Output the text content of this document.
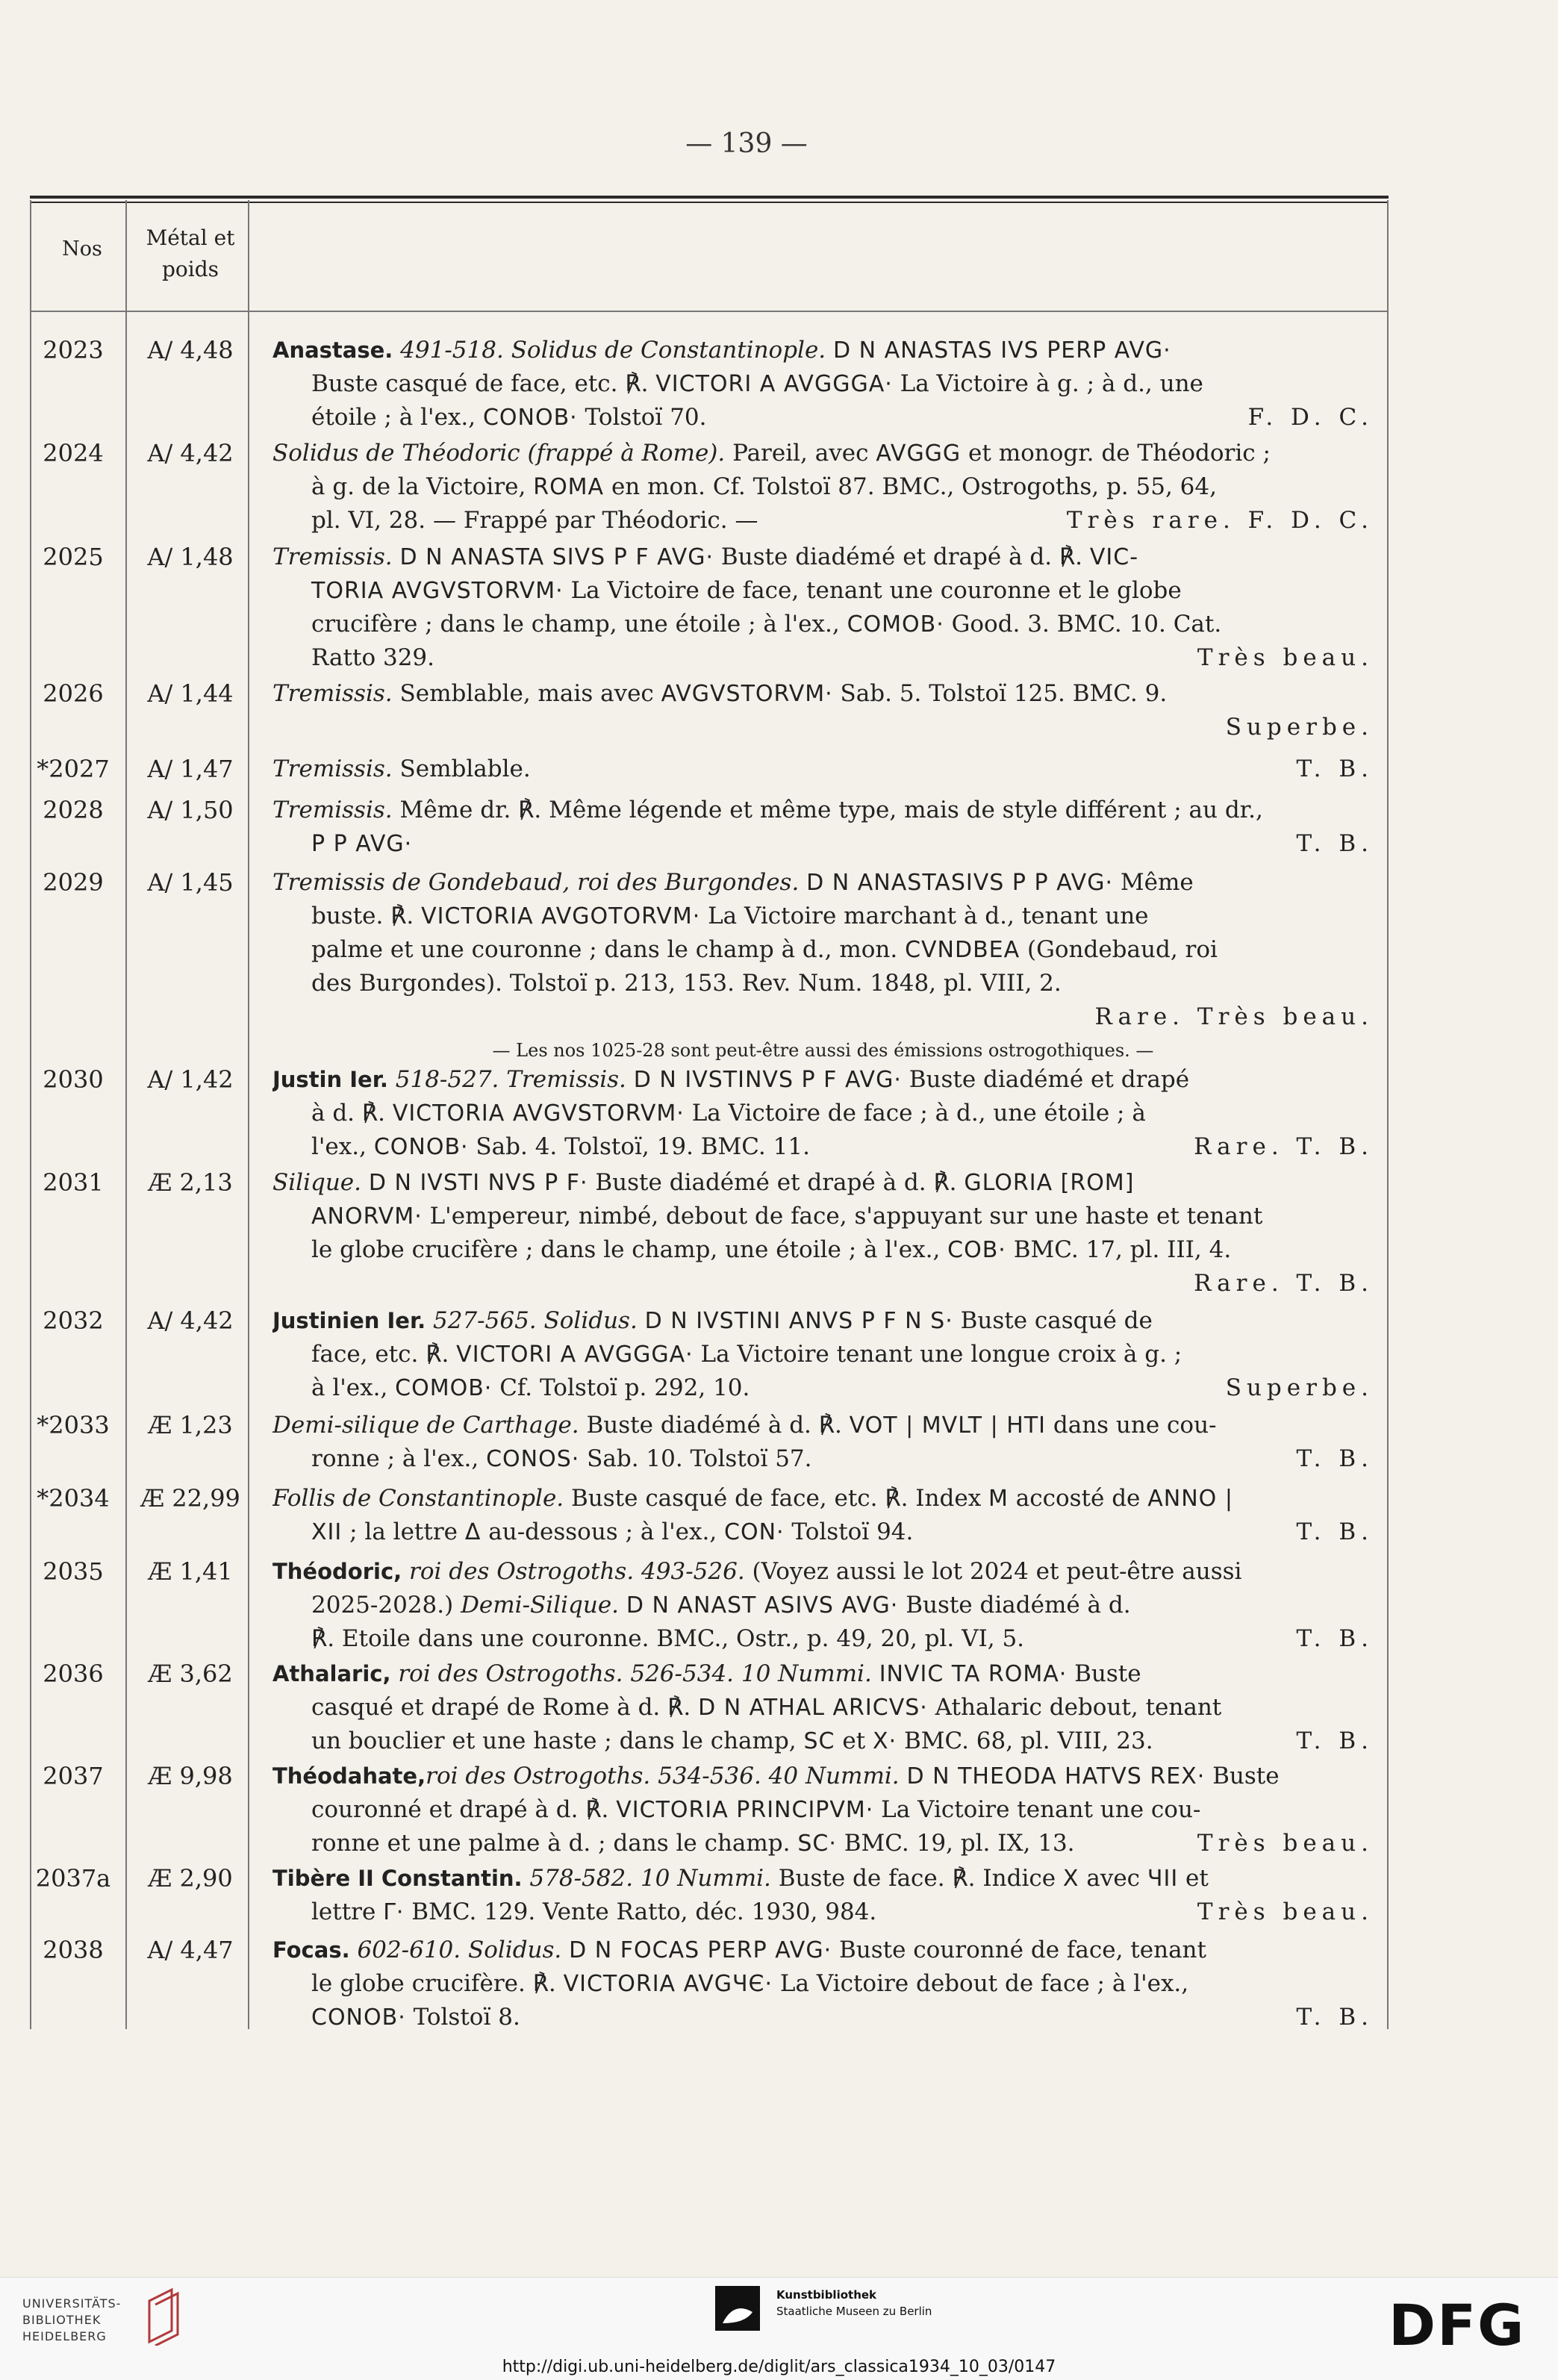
— 139 —
Nos	Métal et
poids
2023	A/ 4,48	Anastase. 491-518. Solidus de Constantinople. D N ANASTAS IVS PERP AVG·
Buste casqué de face, etc. ℟. VICTORI A AVGGGA· La Victoire à g. ; à d., une
étoile ; à l'ex., CONOB· Tolstoï 70.	F. D. C.
2024	A/ 4,42	Solidus de Théodoric (frappé à Rome). Pareil, avec AVGGG et monogr. de Théodoric ;
à g. de la Victoire, ROMA en mon. Cf. Tolstoï 87. BMC., Ostrogoths, p. 55, 64,
pl. VI, 28. — Frappé par Théodoric. —	Très rare. F. D. C.
2025	A/ 1,48	Tremissis. D N ANASTA SIVS P F AVG· Buste diadémé et drapé à d. ℟. VIC-
TORIA AVGVSTORVM· La Victoire de face, tenant une couronne et le globe
crucifère ; dans le champ, une étoile ; à l'ex., COMOB· Good. 3. BMC. 10. Cat.
Ratto 329.	Très beau.
2026	A/ 1,44	Tremissis. Semblable, mais avec AVGVSTORVM· Sab. 5. Tolstoï 125. BMC. 9.
Superbe.
*2027	A/ 1,47	Tremissis. Semblable.	T. B.
2028	A/ 1,50	Tremissis. Même dr. ℟. Même légende et même type, mais de style différent ; au dr.,
P P AVG·	T. B.
2029	A/ 1,45	Tremissis de Gondebaud, roi des Burgondes. D N ANASTASIVS P P AVG· Même
buste. ℟. VICTORIA AVGOTORVM· La Victoire marchant à d., tenant une
palme et une couronne ; dans le champ à d., mon. CVNDBEA (Gondebaud, roi
des Burgondes). Tolstoï p. 213, 153. Rev. Num. 1848, pl. VIII, 2.
Rare. Très beau.
— Les nos 1025-28 sont peut-être aussi des émissions ostrogothiques. —
2030	A/ 1,42	Justin Ier. 518-527. Tremissis. D N IVSTINVS P F AVG· Buste diadémé et drapé
à d. ℟. VICTORIA AVGVSTORVM· La Victoire de face ; à d., une étoile ; à
l'ex., CONOB· Sab. 4. Tolstoï, 19. BMC. 11.	Rare. T. B.
2031	Æ 2,13	Silique. D N IVSTI NVS P F· Buste diadémé et drapé à d. ℟. GLORIA [ROM]
ANORVM· L'empereur, nimbé, debout de face, s'appuyant sur une haste et tenant
le globe crucifère ; dans le champ, une étoile ; à l'ex., COB· BMC. 17, pl. III, 4.
Rare. T. B.
2032	A/ 4,42	Justinien Ier. 527-565. Solidus. D N IVSTINI ANVS P F N S· Buste casqué de
face, etc. ℟. VICTORI A AVGGGA· La Victoire tenant une longue croix à g. ;
à l'ex., COMOB· Cf. Tolstoï p. 292, 10.	Superbe.
*2033	Æ 1,23	Demi-silique de Carthage. Buste diadémé à d. ℟. VOT | MVLT | HTI dans une cou-
ronne ; à l'ex., CONOS· Sab. 10. Tolstoï 57.	T. B.
*2034	Æ 22,99	Follis de Constantinople. Buste casqué de face, etc. ℟. Index M accosté de ANNO |
XII ; la lettre Δ au-dessous ; à l'ex., CON· Tolstoï 94.	T. B.
2035	Æ 1,41	Théodoric, roi des Ostrogoths. 493-526. (Voyez aussi le lot 2024 et peut-être aussi
2025-2028.) Demi-Silique. D N ANAST ASIVS AVG· Buste diadémé à d.
℟. Etoile dans une couronne. BMC., Ostr., p. 49, 20, pl. VI, 5.	T. B.
2036	Æ 3,62	Athalaric, roi des Ostrogoths. 526-534. 10 Nummi. INVIC TA ROMA· Buste
casqué et drapé de Rome à d. ℟. D N ATHAL ARICVS· Athalaric debout, tenant
un bouclier et une haste ; dans le champ, SC et X· BMC. 68, pl. VIII, 23.	T. B.
2037	Æ 9,98	Théodahate,roi des Ostrogoths. 534-536. 40 Nummi. D N THEODA HATVS REX· Buste
couronné et drapé à d. ℟. VICTORIA PRINCIPVM· La Victoire tenant une cou-
ronne et une palme à d. ; dans le champ. SC· BMC. 19, pl. IX, 13.	Très beau.
2037a	Æ 2,90	Tibère II Constantin. 578-582. 10 Nummi. Buste de face. ℟. Indice X avec ЧII et
lettre Γ· BMC. 129. Vente Ratto, déc. 1930, 984.	Très beau.
2038	A/ 4,47	Focas. 602-610. Solidus. D N FOCAS PERP AVG· Buste couronné de face, tenant
le globe crucifère. ℟. VICTORIA AVGЧЄ· La Victoire debout de face ; à l'ex.,
CONOB· Tolstoï 8.	T. B.
UNIVERSITÄTS-
BIBLIOTHEK
HEIDELBERG
Kunstbibliothek
Staatliche Museen zu Berlin	DFG
http://digi.ub.uni-heidelberg.de/diglit/ars_classica1934_10_03/0147
